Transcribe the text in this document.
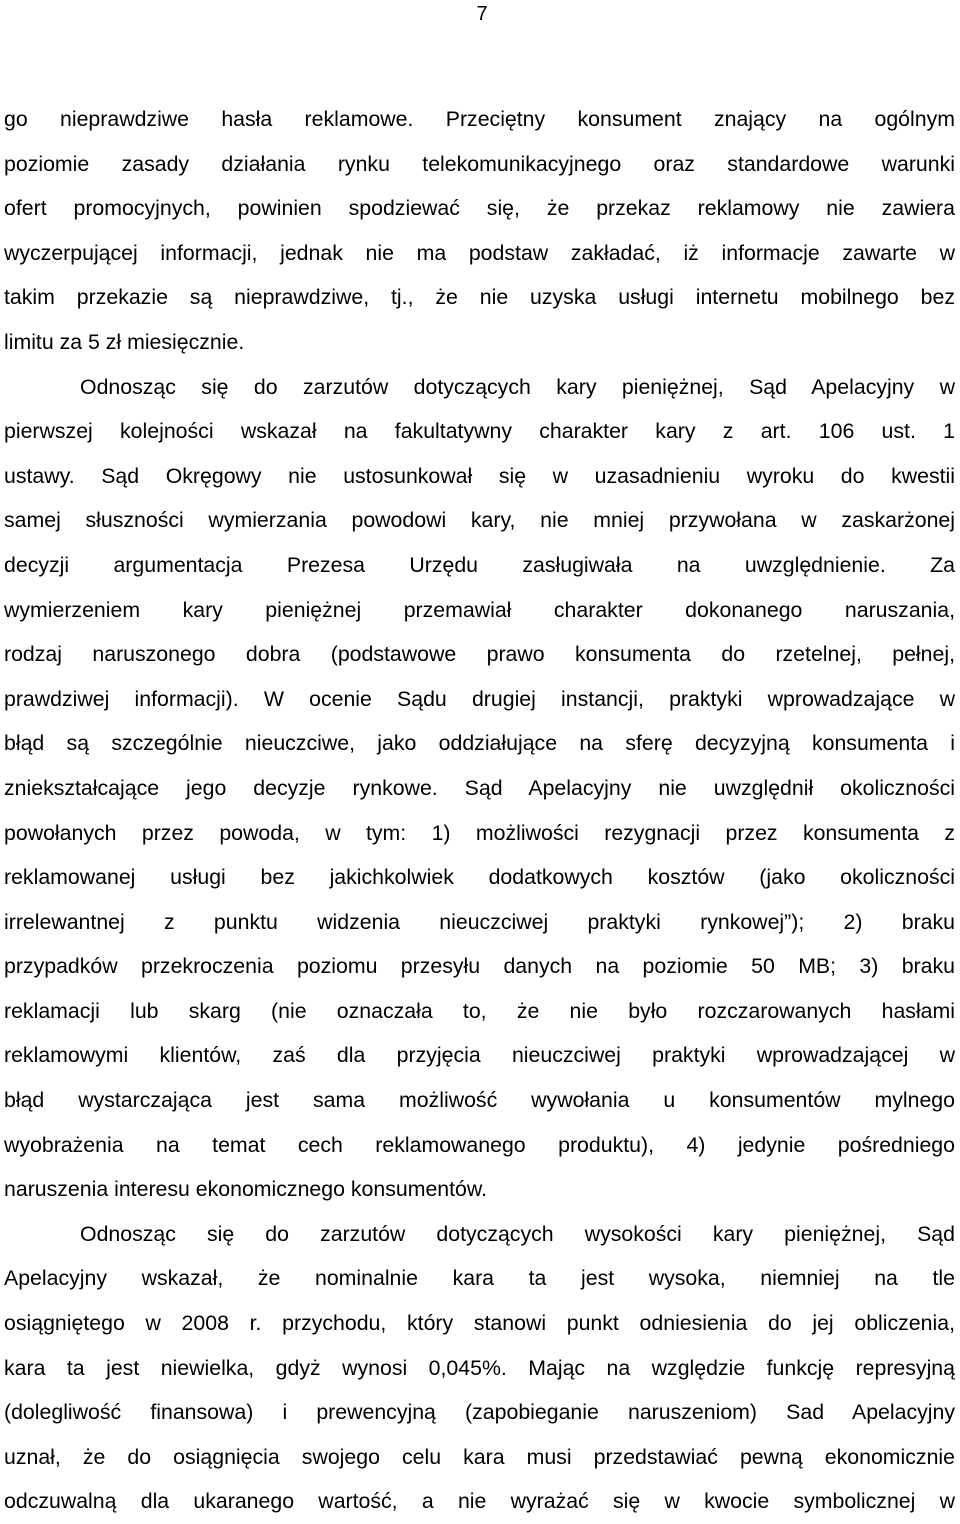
7
go nieprawdziwe hasła reklamowe. Przeciętny konsument znający na ogólnym
poziomie zasady działania rynku telekomunikacyjnego oraz standardowe warunki
ofert promocyjnych, powinien spodziewać się, że przekaz reklamowy nie zawiera
wyczerpującej informacji, jednak nie ma podstaw zakładać, iż informacje zawarte w
takim przekazie są nieprawdziwe, tj., że nie uzyska usługi internetu mobilnego bez
limitu za 5 zł miesięcznie.
Odnosząc się do zarzutów dotyczących kary pieniężnej, Sąd Apelacyjny w
pierwszej kolejności wskazał na fakultatywny charakter kary z art. 106 ust. 1
ustawy. Sąd Okręgowy nie ustosunkował się w uzasadnieniu wyroku do kwestii
samej słuszności wymierzania powodowi kary, nie mniej przywołana w zaskarżonej
decyzji argumentacja Prezesa Urzędu zasługiwała na uwzględnienie. Za
wymierzeniem kary pieniężnej przemawiał charakter dokonanego naruszania,
rodzaj naruszonego dobra (podstawowe prawo konsumenta do rzetelnej, pełnej,
prawdziwej informacji). W ocenie Sądu drugiej instancji, praktyki wprowadzające w
błąd są szczególnie nieuczciwe, jako oddziałujące na sferę decyzyjną konsumenta i
zniekształcające jego decyzje rynkowe. Sąd Apelacyjny nie uwzględnił okoliczności
powołanych przez powoda, w tym: 1) możliwości rezygnacji przez konsumenta z
reklamowanej usługi bez jakichkolwiek dodatkowych kosztów (jako okoliczności
irrelewantnej z punktu widzenia nieuczciwej praktyki rynkowej”); 2) braku
przypadków przekroczenia poziomu przesyłu danych na poziomie 50 MB; 3) braku
reklamacji lub skarg (nie oznaczała to, że nie było rozczarowanych hasłami
reklamowymi klientów, zaś dla przyjęcia nieuczciwej praktyki wprowadzającej w
błąd wystarczająca jest sama możliwość wywołania u konsumentów mylnego
wyobrażenia na temat cech reklamowanego produktu), 4) jedynie pośredniego
naruszenia interesu ekonomicznego konsumentów.
Odnosząc się do zarzutów dotyczących wysokości kary pieniężnej, Sąd
Apelacyjny wskazał, że nominalnie kara ta jest wysoka, niemniej na tle
osiągniętego w 2008 r. przychodu, który stanowi punkt odniesienia do jej obliczenia,
kara ta jest niewielka, gdyż wynosi 0,045%. Mając na względzie funkcję represyjną
(dolegliwość finansowa) i prewencyjną (zapobieganie naruszeniom) Sad Apelacyjny
uznał, że do osiągnięcia swojego celu kara musi przedstawiać pewną ekonomicznie
odczuwalną dla ukaranego wartość, a nie wyrażać się w kwocie symbolicznej w
